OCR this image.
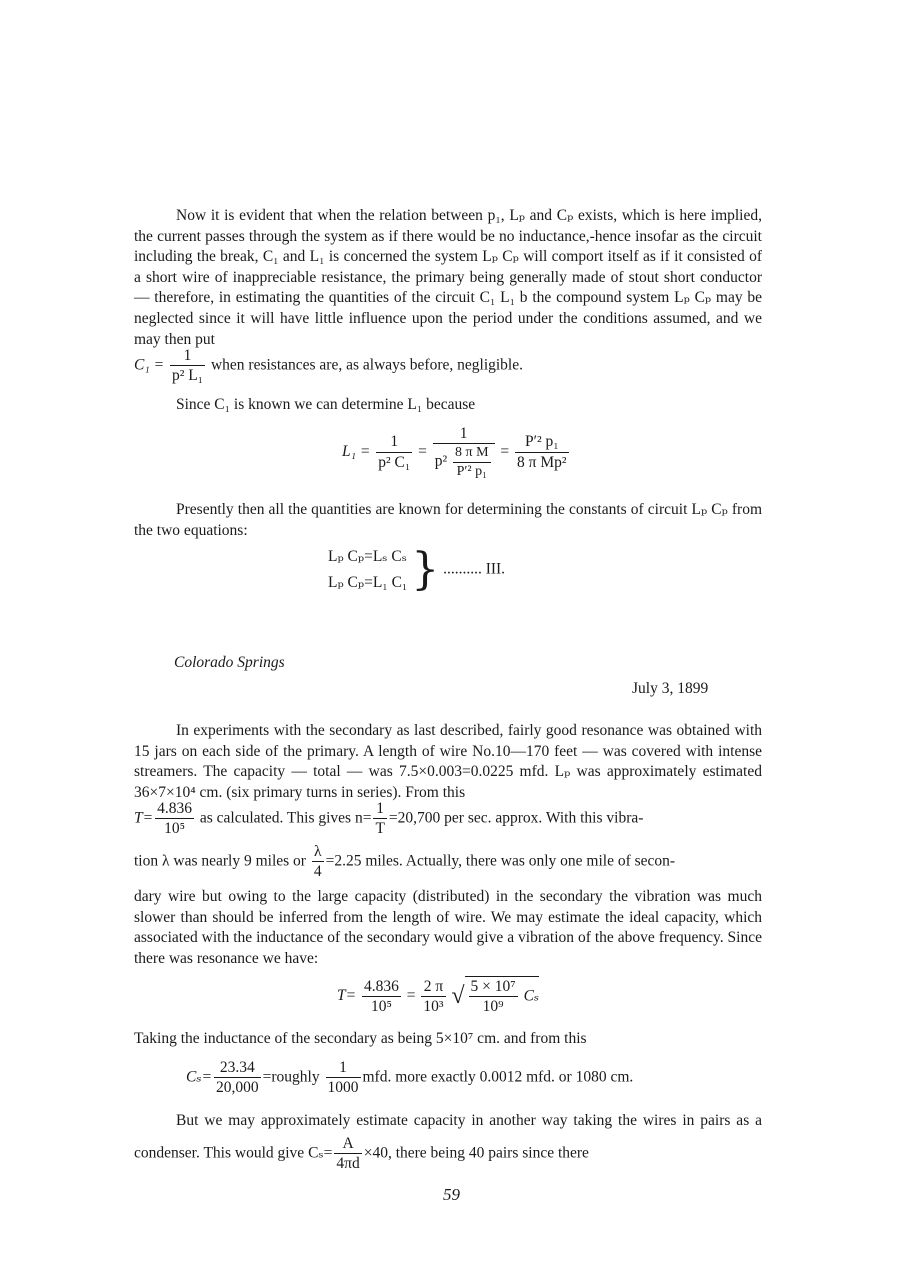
Now it is evident that when the relation between p₁, Lₚ and Cₚ exists, which is here implied, the current passes through the system as if there would be no inductance,-hence insofar as the circuit including the break, C₁ and L₁ is concerned the system Lₚ Cₚ will comport itself as if it consisted of a short wire of inappreciable resistance, the primary being generally made of stout short conductor — therefore, in estimating the quantities of the circuit C₁ L₁ b the compound system Lₚ Cₚ may be neglected since it will have little influence upon the period under the conditions assumed, and we may then put

$C_1 = \frac{1}{\text{p² L₁}}$ when resistances are, as always before, negligible.

Since C₁ is known we can determine L₁ because

$L_1 = \frac{1}{\text{p² C₁}} = \frac{1}{p^2 \frac{\text{8 π M}}{\text{P′² p₁}}} = \frac{\text{P′² p₁}}{\text{8 π Mp²}}$

Presently then all the quantities are known for determining the constants of circuit Lₚ Cₚ from the two equations:

Lₚ Cₚ=Lₛ Cₛ
Lₚ Cₚ=L₁ C₁ } .......... III.
Colorado Springs
July 3, 1899

In experiments with the secondary as last described, fairly good resonance was obtained with 15 jars on each side of the primary. A length of wire No.10—170 feet — was covered with intense streamers. The capacity — total — was 7.5×0.003=0.0225 mfd. Lₚ was approximately estimated 36×7×10⁴ cm. (six primary turns in series). From this

$T= \frac{4.836}{\text{10⁵}}$ as calculated. This gives $n= \frac{1}{T} =20,700$ per sec. approx. With this vibra-
tion λ was nearly 9 miles or $\frac{\lambda}{4} =2.25$ miles. Actually, there was only one mile of secon-

dary wire but owing to the large capacity (distributed) in the secondary the vibration was much slower than should be inferred from the length of wire. We may estimate the ideal capacity, which associated with the inductance of the secondary would give a vibration of the above frequency. Since there was resonance we have:

$T= \frac{4.836}{\text{10⁵}} = \frac{2 \pi}{\text{10³}}$ √ $\frac{\text{5 × 10⁷}}{\text{10⁹}}$ Cₛ

Taking the inductance of the secondary as being 5×10⁷ cm. and from this

$C_s= \frac{23.34}{20,000}$ =roughly $\frac{1}{1000}$ mfd. more exactly 0.0012 mfd. or 1080 cm.
But we may approximately estimate capacity in another way taking the wires in pairs as a condenser. This would give $C_s= \frac{A}{4\pi d} \times 40$, there being 40 pairs since there
59
